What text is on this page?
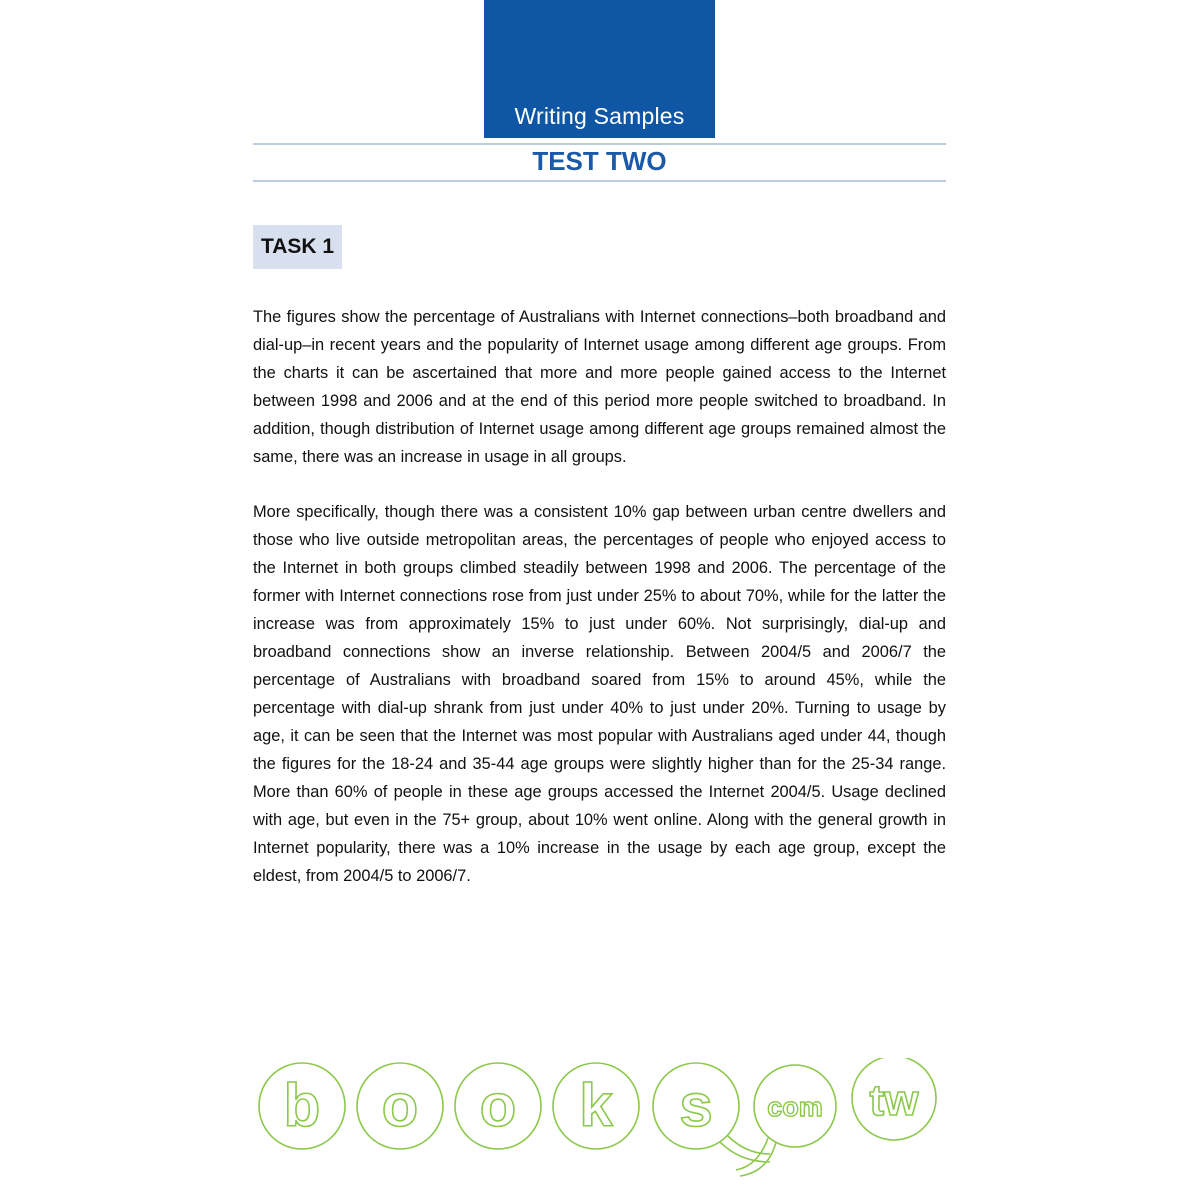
Writing Samples
TEST TWO
TASK 1

The figures show the percentage of Australians with Internet connections–both broadband and dial-up–in recent years and the popularity of Internet usage among different age groups. From the charts it can be ascertained that more and more people gained access to the Internet between 1998 and 2006 and at the end of this period more people switched to broadband. In addition, though distribution of Internet usage among different age groups remained almost the same, there was an increase in usage in all groups.

More specifically, though there was a consistent 10% gap between urban centre dwellers and those who live outside metropolitan areas, the percentages of people who enjoyed access to the Internet in both groups climbed steadily between 1998 and 2006. The percentage of the former with Internet connections rose from just under 25% to about 70%, while for the latter the increase was from approximately 15% to just under 60%. Not surprisingly, dial-up and broadband connections show an inverse relationship. Between 2004/5 and 2006/7 the percentage of Australians with broadband soared from 15% to around 45%, while the percentage with dial-up shrank from just under 40% to just under 20%. Turning to usage by age, it can be seen that the Internet was most popular with Australians aged under 44, though the figures for the 18-24 and 35-44 age groups were slightly higher than for the 25-34 range. More than 60% of people in these age groups accessed the Internet 2004/5. Usage declined with age, but even in the 75+ group, about 10% went online. Along with the general growth in Internet popularity, there was a 10% increase in the usage by each age group, except the eldest, from 2004/5 to 2006/7.

b o o k s com tw
